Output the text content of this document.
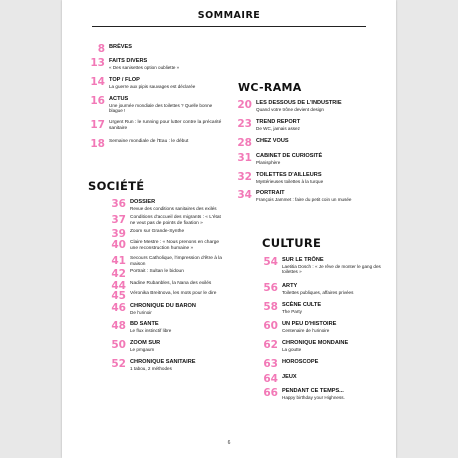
SOMMAIRE
8 BRÈVES
13 FAITS DIVERS
« Des sanisettes option oubliette »
14 TOP / FLOP
La guerre aux pipis sauvages est déclarée
16 ACTUS
Une journée mondiale des toilettes ? Quelle bonne blague !
17 Urgent Run : le running pour lutter contre la précarité sanitaire
18 Semaine mondiale de l'Eau : le début
WC-RAMA
20 LES DESSOUS DE L'INDUSTRIE
Quand votre trône devient design
23 TREND REPORT
De WC, jamais assez
28 CHEZ VOUS
31 CABINET DE CURIOSITÉ
Planisphère
32 TOILETTES D'AILLEURS
Mystérieuses toilettes à la turque
34 PORTRAIT
François Jammet : faire du petit coin un musée
SOCIÉTÉ
36 DOSSIER
Revue des conditions sanitaires des exilés
37 Conditions d'accueil des migrants : « L'état ne veut pas de points de fixation »
39 Zoom sur Grande-Synthe
40 Claire Mestre : « Nous prenons en charge une reconstruction humaine »
41 Secours Catholique, l'impression d'être à la maison
42 Portrait : Sultan le bidoun
44 Nadine Rubanbles, la Nana des exilés
45 Véronika Breitnova, les mots pour le dire
46 CHRONIQUE DU BARON
De l'urinoir
48 BD SANTE
Le flux instinctif libre
50 ZOOM SUR
Le pmgaum
52 CHRONIQUE SANITAIRE
1 tabou, 2 méthodes
CULTURE
54 SUR LE TRÔNE
Laetitia Dosch : « Je rêve de monter le gang des toilettes »
56 ARTY
Toilettes publiques, affaires privées
58 SCÈNE CULTE
The Party
60 UN PEU D'HISTOIRE
Centenaire de l'urinoire
62 CHRONIQUE MONDAINE
La goutte
63 HOROSCOPE
64 JEUX
66 PENDANT CE TEMPS...
Happy birthday your Highness.
6
